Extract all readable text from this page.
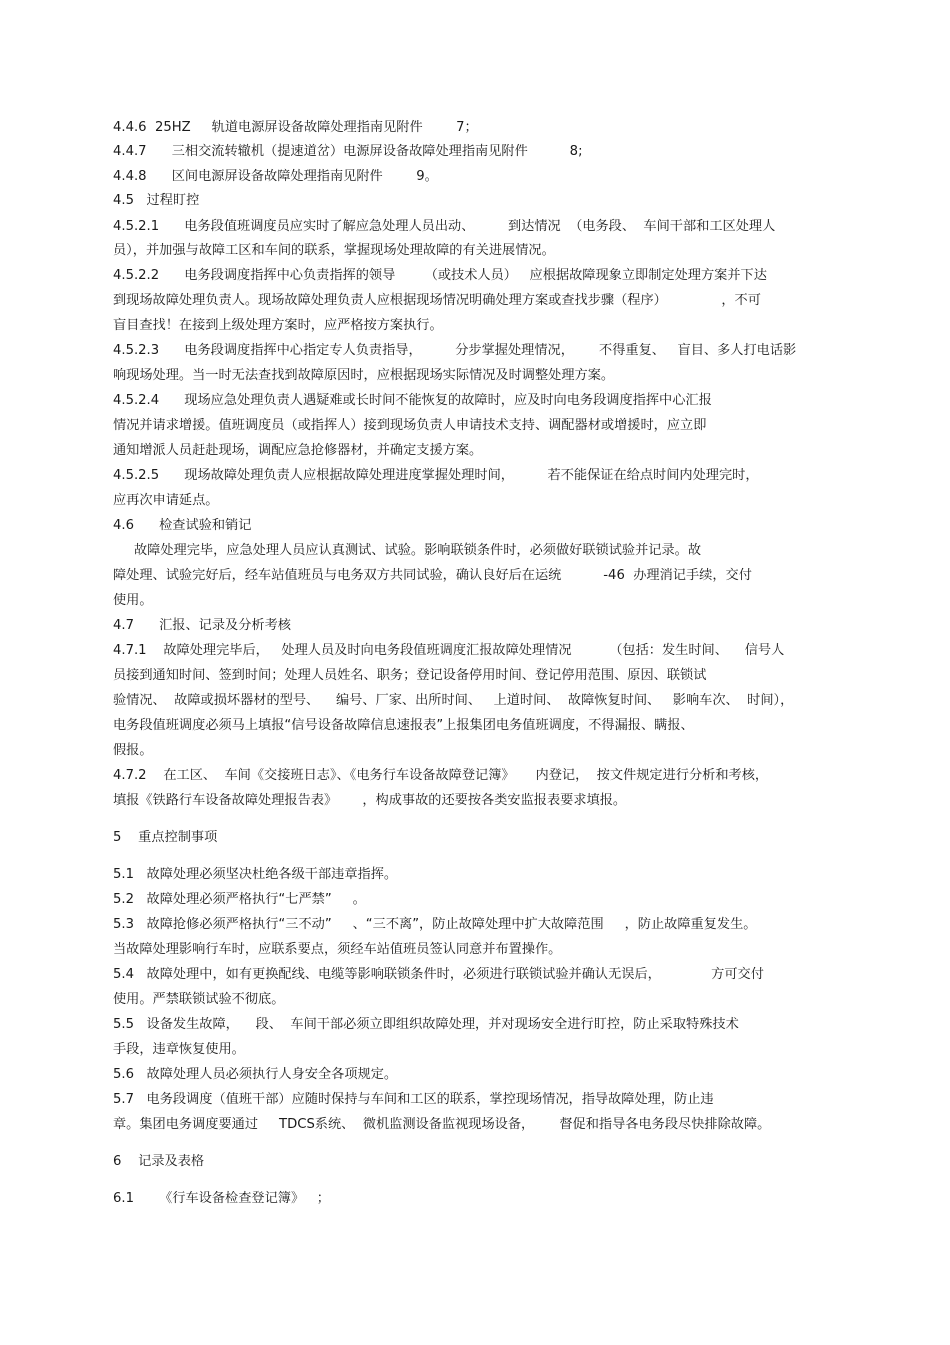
4.4.6  25HZ     轨道电源屏设备故障处理指南见附件        7；
4.4.7      三相交流转辙机（提速道岔）电源屏设备故障处理指南见附件          8;
4.4.8      区间电源屏设备故障处理指南见附件        9。
4.5   过程盯控
4.5.2.1      电务段值班调度员应实时了解应急处理人员出动、        到达情况  （电务段、  车间干部和工区处理人
员），并加强与故障工区和车间的联系，掌握现场处理故障的有关进展情况。
4.5.2.2      电务段调度指挥中心负责指挥的领导       （或技术人员）   应根据故障现象立即制定处理方案并下达
到现场故障处理负责人。现场故障处理负责人应根据现场情况明确处理方案或查找步骤（程序）             ，不可
盲目查找！在接到上级处理方案时，应严格按方案执行。
4.5.2.3      电务段调度指挥中心指定专人负责指导，        分步掌握处理情况，      不得重复、   盲目、多人打电话影
响现场处理。当一时无法查找到故障原因时，应根据现场实际情况及时调整处理方案。
4.5.2.4      现场应急处理负责人遇疑难或长时间不能恢复的故障时，应及时向电务段调度指挥中心汇报
情况并请求增援。值班调度员（或指挥人）接到现场负责人申请技术支持、调配器材或增援时，应立即
通知增派人员赶赴现场，调配应急抢修器材，并确定支援方案。
4.5.2.5      现场故障处理负责人应根据故障处理进度掌握处理时间，        若不能保证在给点时间内处理完时，
应再次申请延点。
4.6      检查试验和销记
故障处理完毕，应急处理人员应认真测试、试验。影响联锁条件时，必须做好联锁试验并记录。故
障处理、试验完好后，经车站值班员与电务双方共同试验，确认良好后在运统          -46  办理消记手续，交付
使用。
4.7      汇报、记录及分析考核
4.7.1    故障处理完毕后，   处理人员及时向电务段值班调度汇报故障处理情况         （包括：发生时间、    信号人
员接到通知时间、签到时间；处理人员姓名、职务；登记设备停用时间、登记停用范围、原因、联锁试
验情况、  故障或损坏器材的型号、    编号、厂家、出所时间、   上道时间、  故障恢复时间、   影响车次、  时间），
电务段值班调度必须马上填报“信号设备故障信息速报表”上报集团电务值班调度，不得漏报、瞒报、
假报。
4.7.2    在工区、  车间《交接班日志》、《电务行车设备故障登记簿》     内登记，  按文件规定进行分析和考核，
填报《铁路行车设备故障处理报告表》      ，构成事故的还要按各类安监报表要求填报。
5    重点控制事项
5.1   故障处理必须坚决杜绝各级干部违章指挥。
5.2   故障处理必须严格执行“七严禁”     。
5.3   故障抢修必须严格执行“三不动”     、“三不离”，防止故障处理中扩大故障范围     ，防止故障重复发生。
当故障处理影响行车时，应联系要点，须经车站值班员签认同意并布置操作。
5.4   故障处理中，如有更换配线、电缆等影响联锁条件时，必须进行联锁试验并确认无误后，            方可交付
使用。严禁联锁试验不彻底。
5.5   设备发生故障，    段、  车间干部必须立即组织故障处理，并对现场安全进行盯控，防止采取特殊技术
手段，违章恢复使用。
5.6   故障处理人员必须执行人身安全各项规定。
5.7   电务段调度（值班干部）应随时保持与车间和工区的联系，掌控现场情况，指导故障处理，防止违
章。集团电务调度要通过     TDCS系统、  微机监测设备监视现场设备，      督促和指导各电务段尽快排除故障。
6    记录及表格
6.1      《行车设备检查登记簿》   ；
